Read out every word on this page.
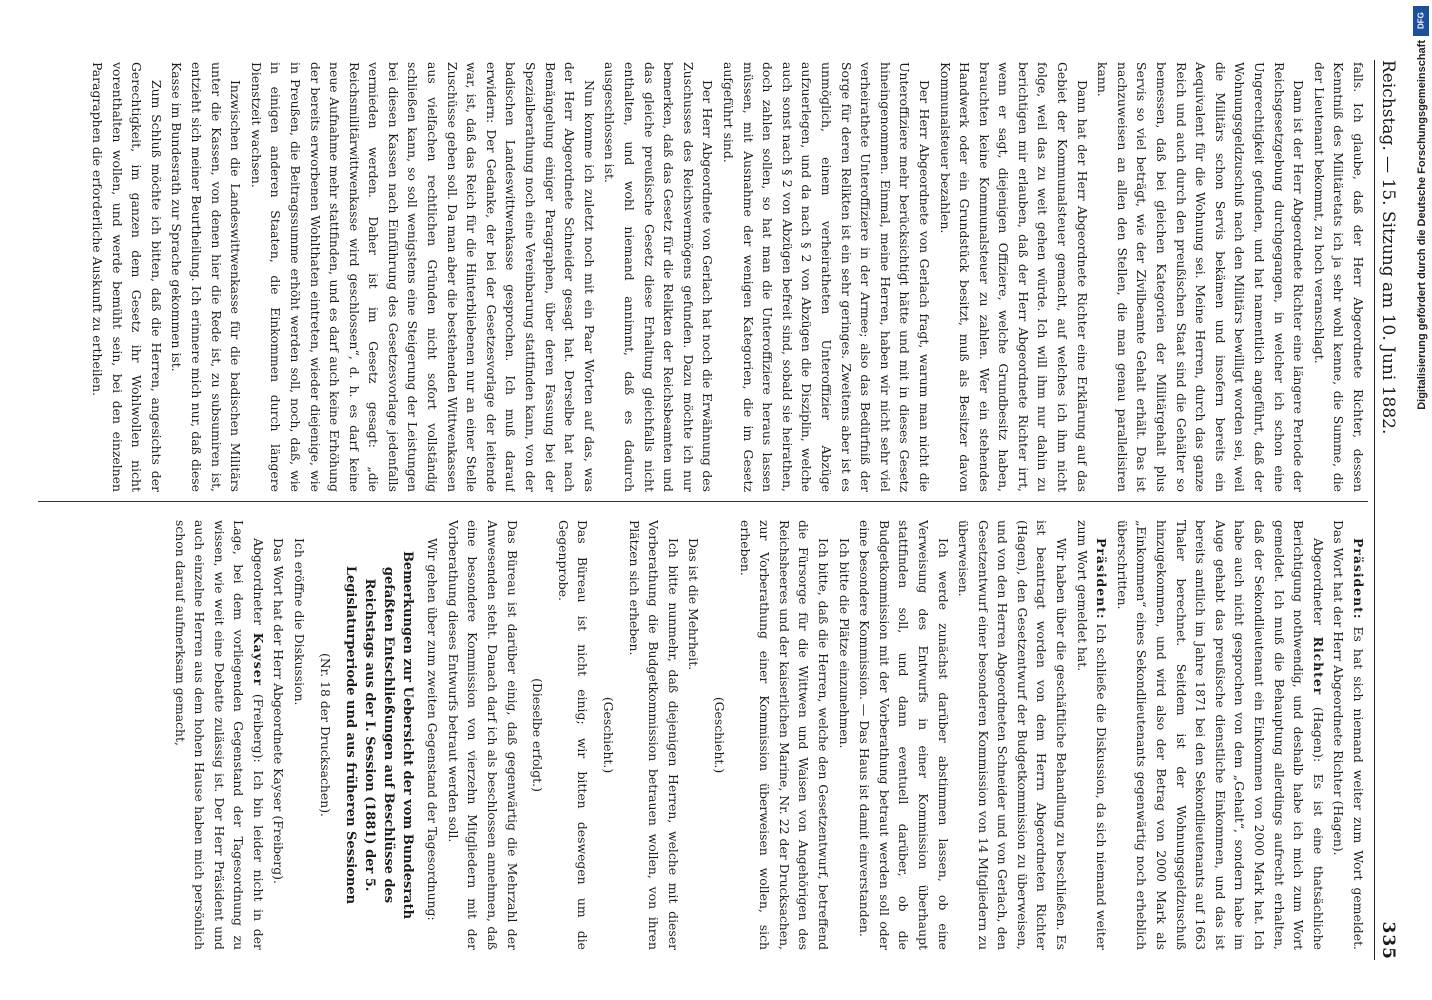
Reichstag. — 15. Sitzung am 10. Juni 1882.
335

falls. Ich glaube, daß der Herr Abgeordnete Richter, dessen Kenntniß des Militäretats ich ja sehr wohl kenne, die Summe, die der Lieutenant bekommt, zu hoch veranschlagt.

Dann ist der Herr Abgeordnete Richter eine längere Periode der Reichsgesetzgebung durchgegangen, in welcher ich schon eine Ungerechtigkeit gefunden, und hat namentlich angeführt, daß der Wohnungsgeldzuschuß nach den Militärs bewilligt worden sei, weil die Militärs schon Servis bekämen und insofern bereits ein Aequivalent für die Wohnung sei. Meine Herren, durch das ganze Reich und auch durch den preußischen Staat sind die Gehälter so bemessen, daß bei gleichen Kategorien der Militärgehalt plus Servis so viel beträgt, wie der Zivilbeamte Gehalt erhält. Das ist nachzuweisen an allen den Stellen, die man genau parallelisiren kann.

Dann hat der Herr Abgeordnete Richter eine Erklärung auf das Gebiet der Kommunalsteuer gemacht, auf welches ich ihm nicht folge, weil das zu weit gehen würde. Ich will ihm nur dahin zu berichtigen mir erlauben, daß der Herr Abgeordnete Richter irrt, wenn er sagt, diejenigen Offiziere, welche Grundbesitz haben, brauchten keine Kommunalsteuer zu zahlen. Wer ein stehendes Handwerk oder ein Grundstück besitzt, muß als Besitzer davon Kommunalsteuer bezahlen.

Der Herr Abgeordnete von Gerlach fragt, warum man nicht die Unteroffiziere mehr berücksichtigt hätte und mit in dieses Gesetz hineingenommen. Einmal, meine Herren, haben wir nicht sehr viel verheirathete Unteroffiziere in der Armee; also das Bedürfniß der Sorge für deren Relikten ist ein sehr geringes. Zweitens aber ist es unmöglich, einem verheiratheten Unteroffizier Abzüge aufzuerlegen, und da nach § 2 von Abzügen die Disziplin, welche auch sonst nach § 2 von Abzügen befreit sind, sobald sie heirathen, doch zahlen sollen, so hat man die Unteroffiziere heraus lassen müssen, mit Ausnahme der wenigen Kategorien, die im Gesetz aufgeführt sind.

Der Herr Abgeordnete von Gerlach hat noch die Erwähnung des Zuschusses des Reichsvermögens gefunden. Dazu möchte ich nur bemerken, daß das Gesetz für die Relikten der Reichsbeamten und das gleiche preußische Gesetz diese Erhaltung gleichfalls nicht enthalten, und wohl niemand annimmt, daß es dadurch ausgeschlossen ist.

Nun komme ich zuletzt noch mit ein Paar Worten auf das, was der Herr Abgeordnete Schneider gesagt hat. Derselbe hat nach Bemängelung einiger Paragraphen, über deren Fassung bei der Spezialberathung noch eine Vereinbarung stattfinden kann, von der badischen Landeswittwenkasse gesprochen. Ich muß darauf erwidern: Der Gedanke, der bei der Gesetzesvorlage der leitende war, ist, daß das Reich für die Hinterbliebenen nur an einer Stelle Zuschüsse geben soll. Da man aber die bestehenden Wittwenkassen aus vielfachen rechtlichen Gründen nicht sofort vollständig schließen kann, so soll wenigstens eine Steigerung der Leistungen bei diesen Kassen nach Einführung des Gesetzesvorlage jedenfalls vermieden werden. Daher ist im Gesetz gesagt: „die Reichsmilitärwittwenkasse wird geschlossen“, d. h. es darf keine neue Aufnahme mehr stattfinden, und es darf auch keine Erhöhung der bereits erworbenen Wohlthaten eintreten, wieder diejenige, wie in Preußen, die Beitragssumme erhöht werden soll, noch, daß, wie in einigen anderen Staaten, die Einkommen durch längere Dienstzeit wachsen.

Inzwischen die Landeswittwenkasse für die badischen Militärs unter die Kassen, von denen hier die Rede ist, zu subsumiren ist, entzieht sich meiner Beurtheilung. Ich erinnere mich nur, daß diese Kasse im Bundesrath zur Sprache gekommen ist.

Zum Schluß möchte ich bitten, daß die Herren, angesichts der Gerechtigkeit, im ganzen dem Gesetz ihr Wohlwollen nicht vorenthalten wollen, und werde bemüht sein, bei den einzelnen Paragraphen die erforderliche Auskunft zu ertheilen.

Präsident: Es hat sich niemand weiter zum Wort gemeldet. Das Wort hat der Herr Abgeordnete Richter (Hagen).

Abgeordneter Richter (Hagen): Es ist eine thatsächliche Berichtigung nothwendig, und deshalb habe ich mich zum Wort gemeldet. Ich muß die Behauptung allerdings aufrecht erhalten, daß der Sekondlieutenant ein Einkommen von 2000 Mark hat. Ich habe auch nicht gesprochen von dem „Gehalt“, sondern habe im Auge gehabt das preußische dienstliche Einkommen, und das ist bereits amtlich im Jahre 1871 bei den Sekondlieutenants auf 1663 Thaler berechnet. Seitdem ist der Wohnungsgeldzuschuß hinzugekommen, und wird also der Betrag von 2000 Mark als „Einkommen“ eines Sekondlieutenants gegenwärtig noch erheblich überschritten.

Präsident: Ich schließe die Diskussion, da sich niemand weiter zum Wort gemeldet hat.

Wir haben über die geschäftliche Behandlung zu beschließen. Es ist beantragt worden von dem Herrn Abgeordneten Richter (Hagen), den Gesetzentwurf der Budgetkommission zu überweisen, und von den Herren Abgeordneten Schneider und von Gerlach, den Gesetzentwurf einer besonderen Kommission von 14 Mitgliedern zu überweisen.

Ich werde zunächst darüber abstimmen lassen, ob eine Verweisung des Entwurfs in einer Kommission überhaupt stattfinden soll, und dann eventuell darüber, ob die Budgetkommission mit der Vorberathung betraut werden soll oder eine besondere Kommission. — Das Haus ist damit einverstanden.

Ich bitte die Plätze einzunehmen.

Ich bitte, daß die Herren, welche den Gesetzentwurf, betreffend die Fürsorge für die Wittwen und Waisen von Angehörigen des Reichsheeres und der kaiserlichen Marine, Nr. 22 der Drucksachen, zur Vorberathung einer Kommission überweisen wollen, sich erheben.

(Geschieht.)

Das ist die Mehrheit.

Ich bitte nunmehr, daß diejenigen Herren, welche mit dieser Vorberathung die Budgetkommission betrauen wollen, von ihren Plätzen sich erheben.

(Geschieht.)

Das Büreau ist nicht einig; wir bitten deswegen um die Gegenprobe.

(Dieselbe erfolgt.)

Das Büreau ist darüber einig, daß gegenwärtig die Mehrzahl der Anwesenden steht. Danach darf ich als beschlossen annehmen, daß eine besondere Kommission von vierzehn Mitgliedern mit der Vorberathung dieses Entwurfs betraut werden soll.

Wir gehen über zum zweiten Gegenstand der Tagesordnung:

Bemerkungen zur Uebersicht der vom Bundesrath gefaßten Entschließungen auf Beschlüsse des Reichstags aus der I. Session (1881) der 5. Legislaturperiode und aus früheren Sessionen

(Nr. 18 der Drucksachen).

Ich eröffne die Diskussion.

Das Wort hat der Herr Abgeordnete Kayser (Freiberg).

Abgeordneter Kayser (Freiberg): Ich bin leider nicht in der Lage, bei dem vorliegenden Gegenstand der Tagesordnung zu wissen, wie weit eine Debatte zulässig ist. Der Herr Präsident und auch einzelne Herren aus dem hohen Hause haben mich persönlich schon darauf aufmerksam gemacht,

DFG
Digitalisierung gefördert durch die Deutsche Forschungsgemeinschaft
